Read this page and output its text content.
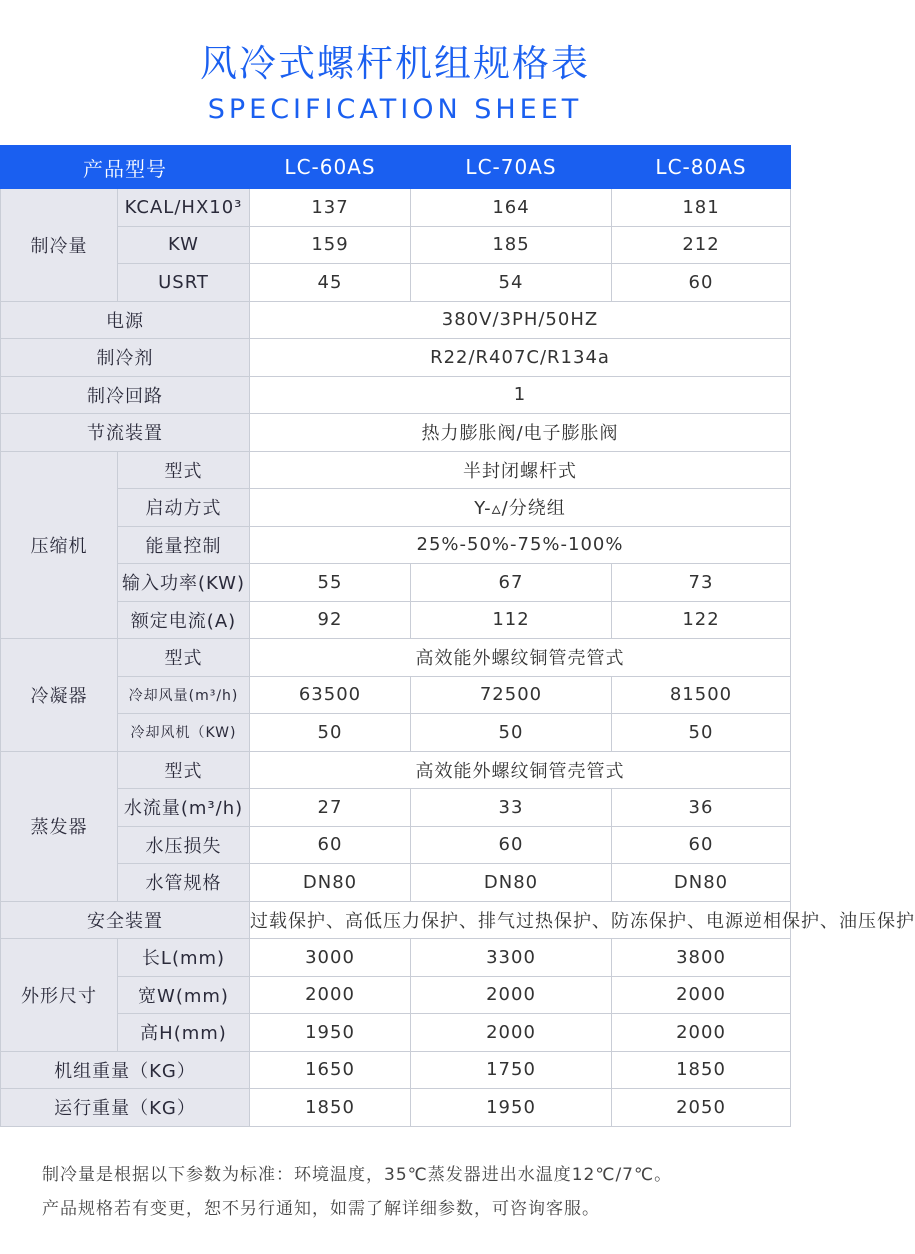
风冷式螺杆机组规格表
SPECIFICATION SHEET
产品型号		LC-60AS	LC-70AS	LC-80AS
制冷量	KCAL/HX10³	137	164	181
	KW	159	185	212
	USRT	45	54	60
电源		380V/3PH/50HZ		
制冷剂		R22/R407C/R134a		
制冷回路		1		
节流装置		热力膨胀阀/电子膨胀阀		
压缩机	型式	半封闭螺杆式		
	启动方式	Y-▵/分绕组		
	能量控制	25%-50%-75%-100%		
	输入功率(KW)	55	67	73
	额定电流(A)	92	112	122
冷凝器	型式	高效能外螺纹铜管壳管式		
	冷却风量(m³/h)	63500	72500	81500
	冷却风机（KW)	50	50	50
蒸发器	型式	高效能外螺纹铜管壳管式		
	水流量(m³/h)	27	33	36
	水压损失	60	60	60
	水管规格	DN80	DN80	DN80
安全装置		过载保护、高低压力保护、排气过热保护、防冻保护、电源逆相保护、油压保护		
外形尺寸	长L(mm)	3000	3300	3800
	宽W(mm)	2000	2000	2000
	高H(mm)	1950	2000	2000
机组重量（KG）		1650	1750	1850
运行重量（KG）		1850	1950	2050

制冷量是根据以下参数为标准：环境温度，35℃蒸发器进出水温度12℃/7℃。

产品规格若有变更，恕不另行通知，如需了解详细参数，可咨询客服。
